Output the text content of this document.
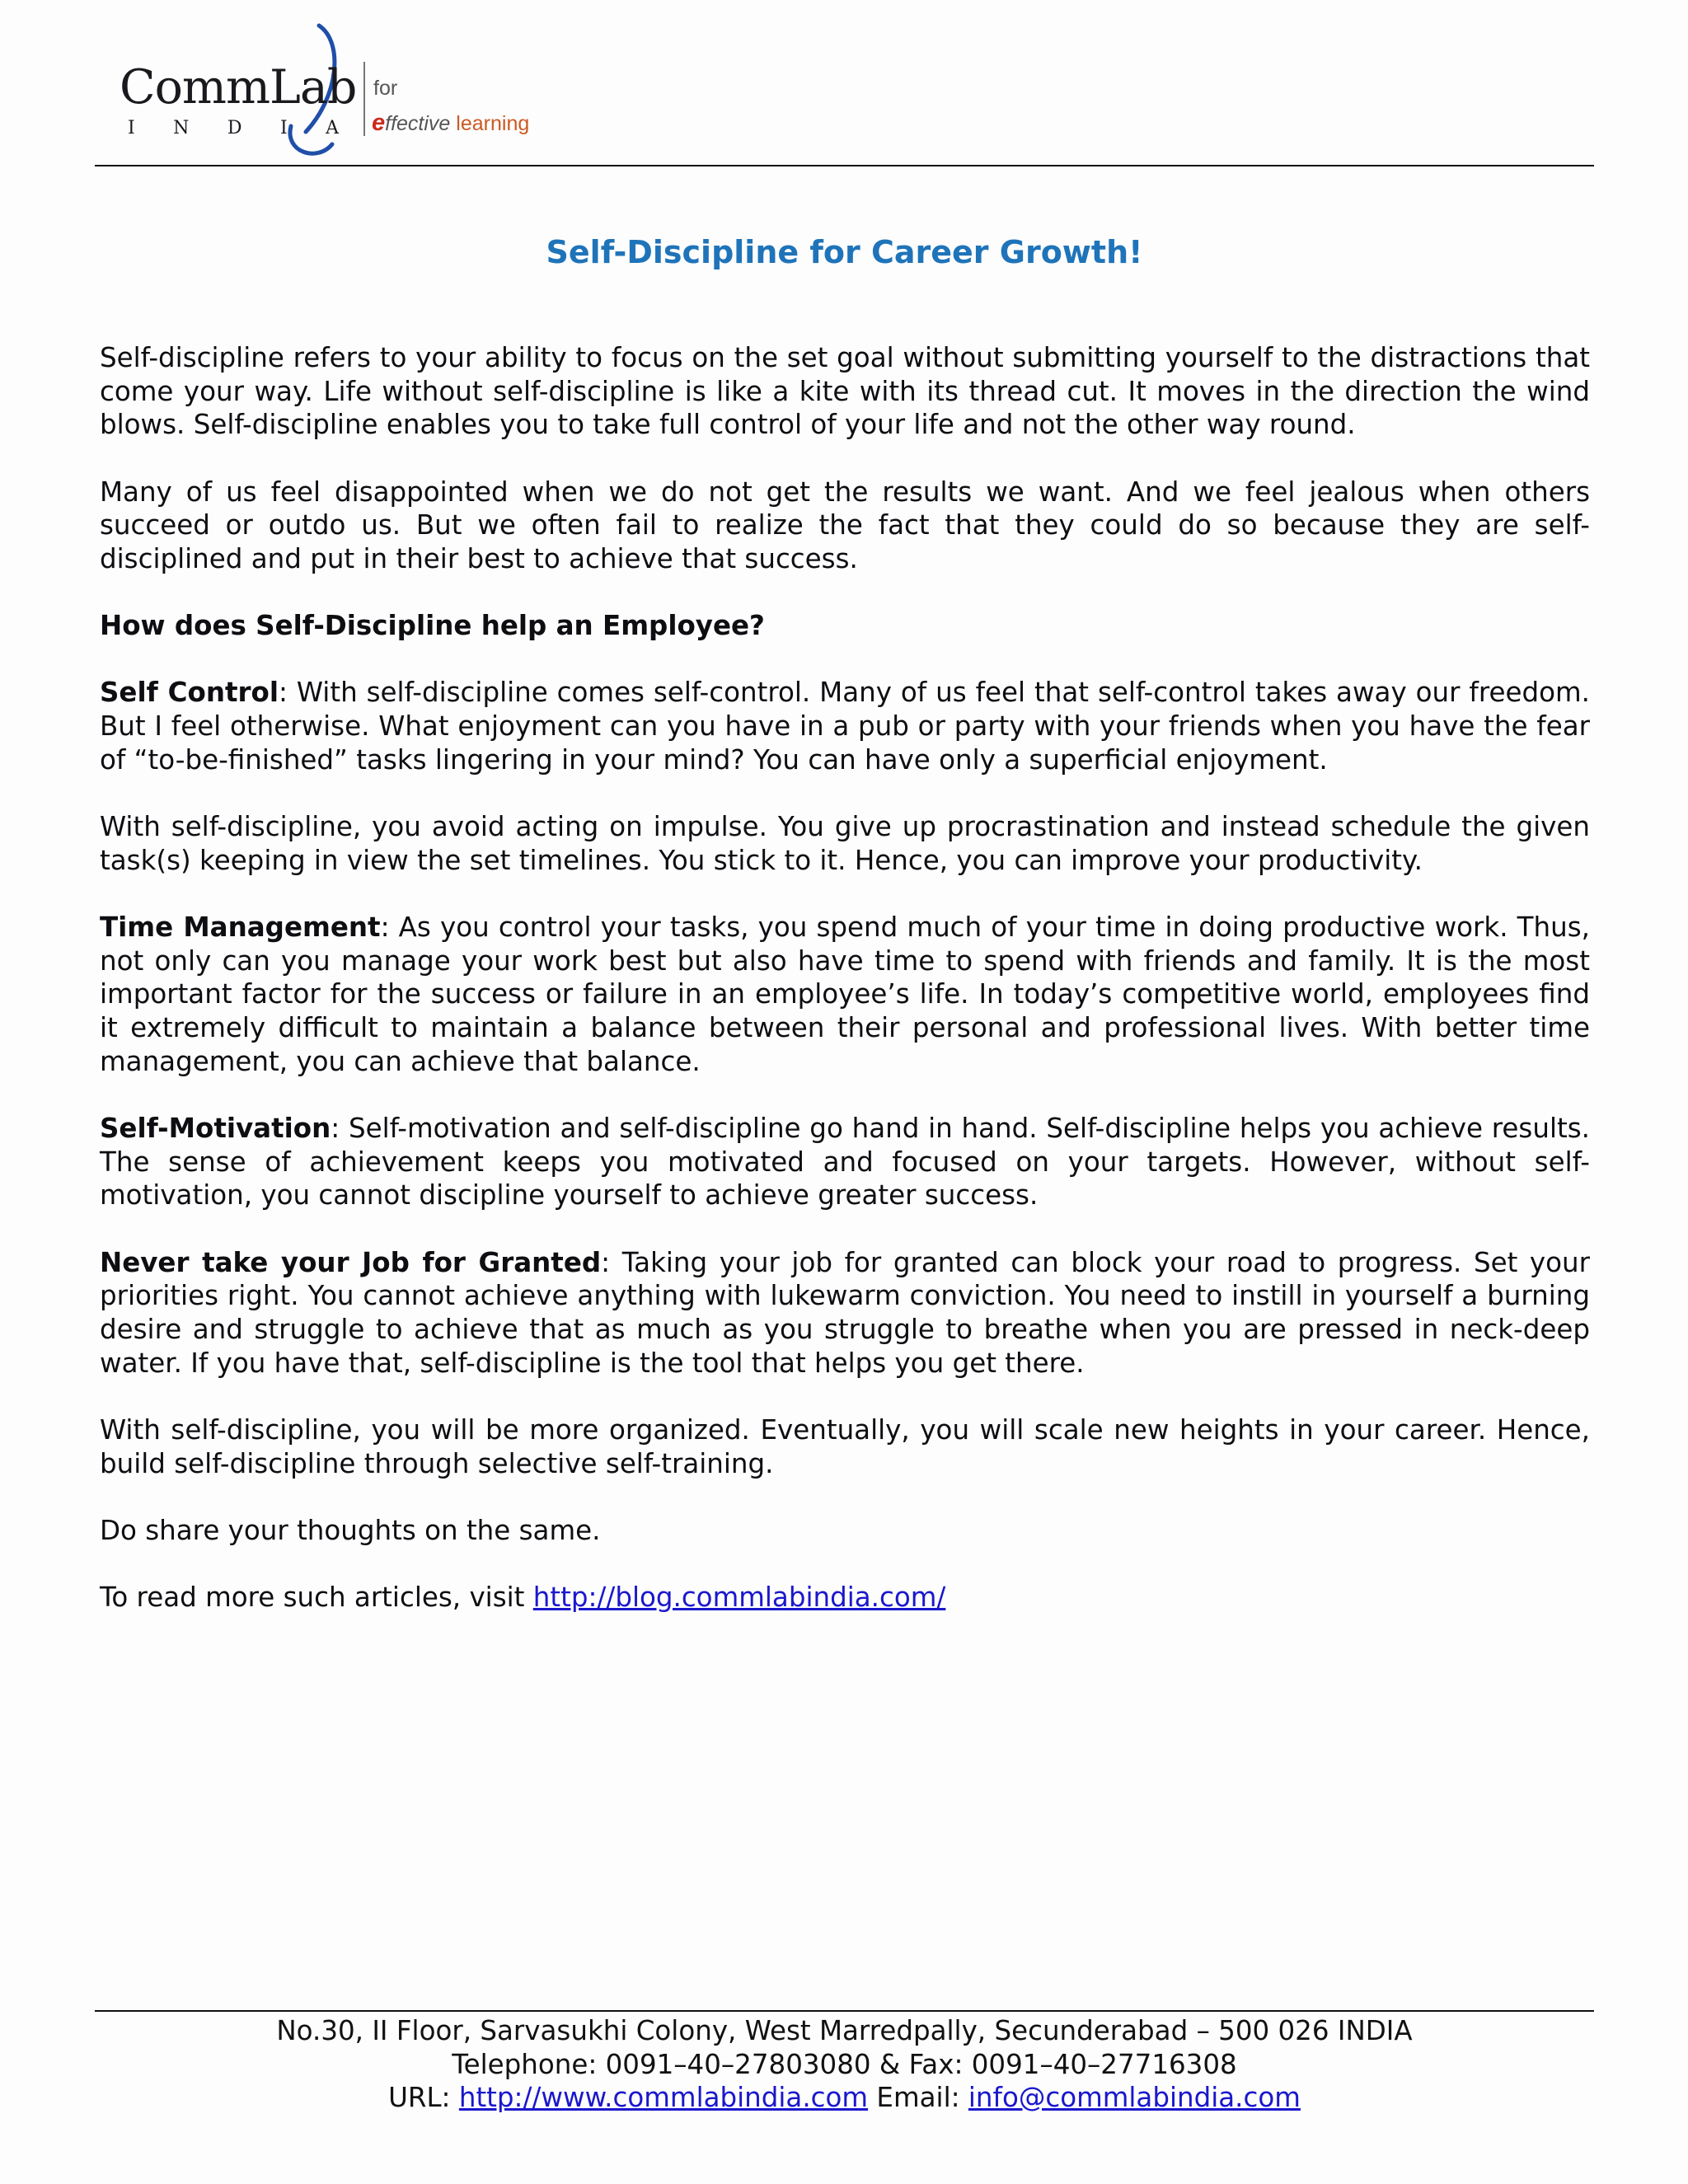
CommLab
I N D I A
for
effective learning
Self-Discipline for Career Growth!

Self-discipline refers to your ability to focus on the set goal without submitting yourself to the distractions that come your way. Life without self-discipline is like a kite with its thread cut. It moves in the direction the wind blows. Self-discipline enables you to take full control of your life and not the other way round.

Many of us feel disappointed when we do not get the results we want. And we feel jealous when others succeed or outdo us. But we often fail to realize the fact that they could do so because they are self-disciplined and put in their best to achieve that success.

How does Self-Discipline help an Employee?

Self Control: With self-discipline comes self-control. Many of us feel that self-control takes away our freedom. But I feel otherwise. What enjoyment can you have in a pub or party with your friends when you have the fear of “to-be-finished” tasks lingering in your mind? You can have only a superficial enjoyment.

With self-discipline, you avoid acting on impulse. You give up procrastination and instead schedule the given task(s) keeping in view the set timelines. You stick to it. Hence, you can improve your productivity.

Time Management: As you control your tasks, you spend much of your time in doing productive work. Thus, not only can you manage your work best but also have time to spend with friends and family. It is the most important factor for the success or failure in an employee’s life. In today’s competitive world, employees find it extremely difficult to maintain a balance between their personal and professional lives. With better time management, you can achieve that balance.

Self-Motivation: Self-motivation and self-discipline go hand in hand. Self-discipline helps you achieve results. The sense of achievement keeps you motivated and focused on your targets. However, without self-motivation, you cannot discipline yourself to achieve greater success.

Never take your Job for Granted: Taking your job for granted can block your road to progress. Set your priorities right. You cannot achieve anything with lukewarm conviction. You need to instill in yourself a burning desire and struggle to achieve that as much as you struggle to breathe when you are pressed in neck-deep water. If you have that, self-discipline is the tool that helps you get there.

With self-discipline, you will be more organized. Eventually, you will scale new heights in your career. Hence, build self-discipline through selective self-training.

Do share your thoughts on the same.

To read more such articles, visit http://blog.commlabindia.com/

No.30, II Floor, Sarvasukhi Colony, West Marredpally, Secunderabad – 500 026 INDIA

Telephone: 0091–40–27803080 & Fax: 0091–40–27716308

URL: http://www.commlabindia.com Email: info@commlabindia.com
